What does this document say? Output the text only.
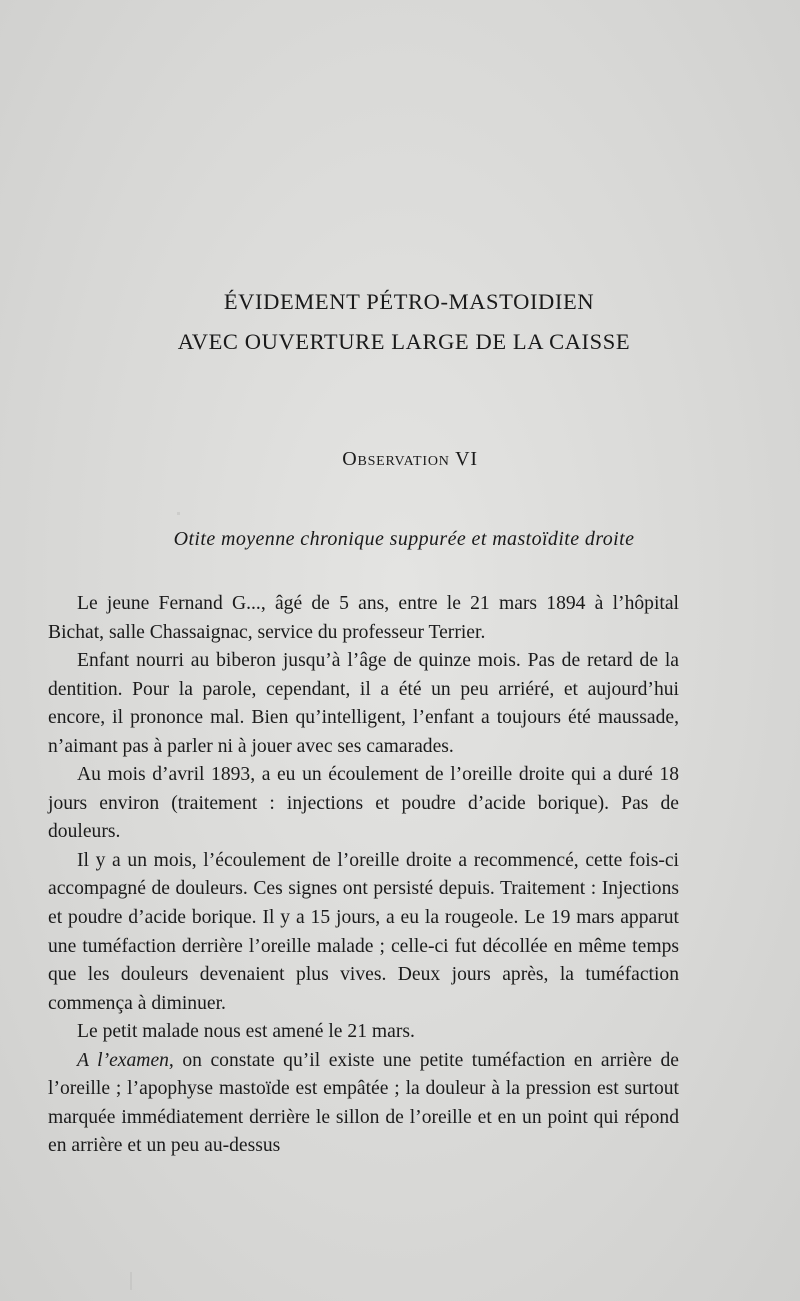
ÉVIDEMENT PÉTRO-MASTOIDIEN
AVEC OUVERTURE LARGE DE LA CAISSE
Observation VI
Otite moyenne chronique suppurée et mastoïdite droite

Le jeune Fernand G..., âgé de 5 ans, entre le 21 mars 1894 à l’hôpital Bichat, salle Chassaignac, service du professeur Terrier.

Enfant nourri au biberon jusqu’à l’âge de quinze mois. Pas de retard de la dentition. Pour la parole, cependant, il a été un peu arriéré, et aujourd’hui encore, il prononce mal. Bien qu’intelligent, l’enfant a toujours été maussade, n’aimant pas à parler ni à jouer avec ses camarades.

Au mois d’avril 1893, a eu un écoulement de l’oreille droite qui a duré 18 jours environ (traitement : injections et poudre d’acide borique). Pas de douleurs.

Il y a un mois, l’écoulement de l’oreille droite a recommencé, cette fois-ci accompagné de douleurs. Ces signes ont persisté depuis. Traitement : Injections et poudre d’acide borique. Il y a 15 jours, a eu la rougeole. Le 19 mars apparut une tuméfaction derrière l’oreille malade ; celle-ci fut décollée en même temps que les douleurs devenaient plus vives. Deux jours après, la tuméfaction commença à diminuer.

Le petit malade nous est amené le 21 mars.

A l’examen, on constate qu’il existe une petite tuméfaction en arrière de l’oreille ; l’apophyse mastoïde est empâtée ; la douleur à la pression est surtout marquée immédiatement derrière le sillon de l’oreille et en un point qui répond en arrière et un peu au-dessus
